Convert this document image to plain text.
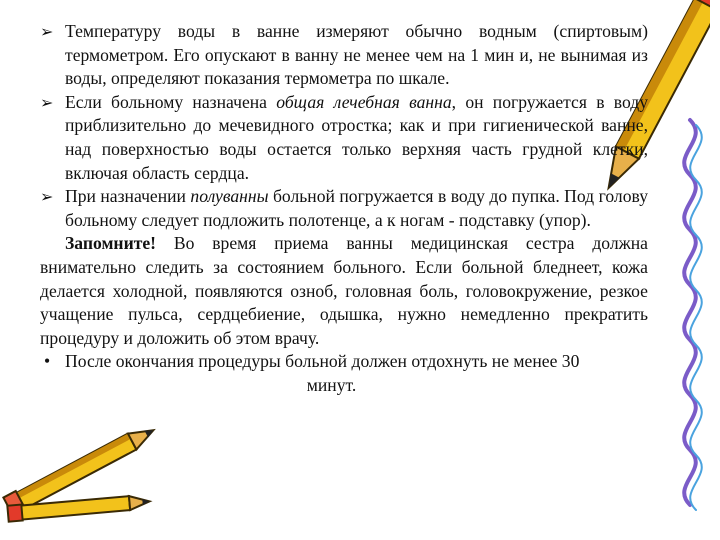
➢ Температуру воды в ванне измеряют обычно водным (спиртовым) термометром. Его опускают в ванну не менее чем на 1 мин и, не вынимая из воды, определяют показания термометра по шкале.

➢ Если больному назначена общая лечебная ванна, он погружается в воду приблизительно до мечевидного отростка; как и при гигиенической ванне, над поверхностью воды остается только верхняя часть грудной клетки, включая область сердца.

➢ При назначении полуванны больной погружается в воду до пупка. Под голову больному следует подложить полотенце, а к ногам - подставку (упор).

Запомните! Во время приема ванны медицинская сестра должна внимательно следить за состоянием больного. Если больной бледнеет, кожа делается холодной, появляются озноб, головная боль, головокружение, резкое учащение пульса, сердцебиение, одышка, нужно немедленно прекратить процедуру и доложить об этом врачу.

• После окончания процедуры больной должен отдохнуть не менее 30
минут.
